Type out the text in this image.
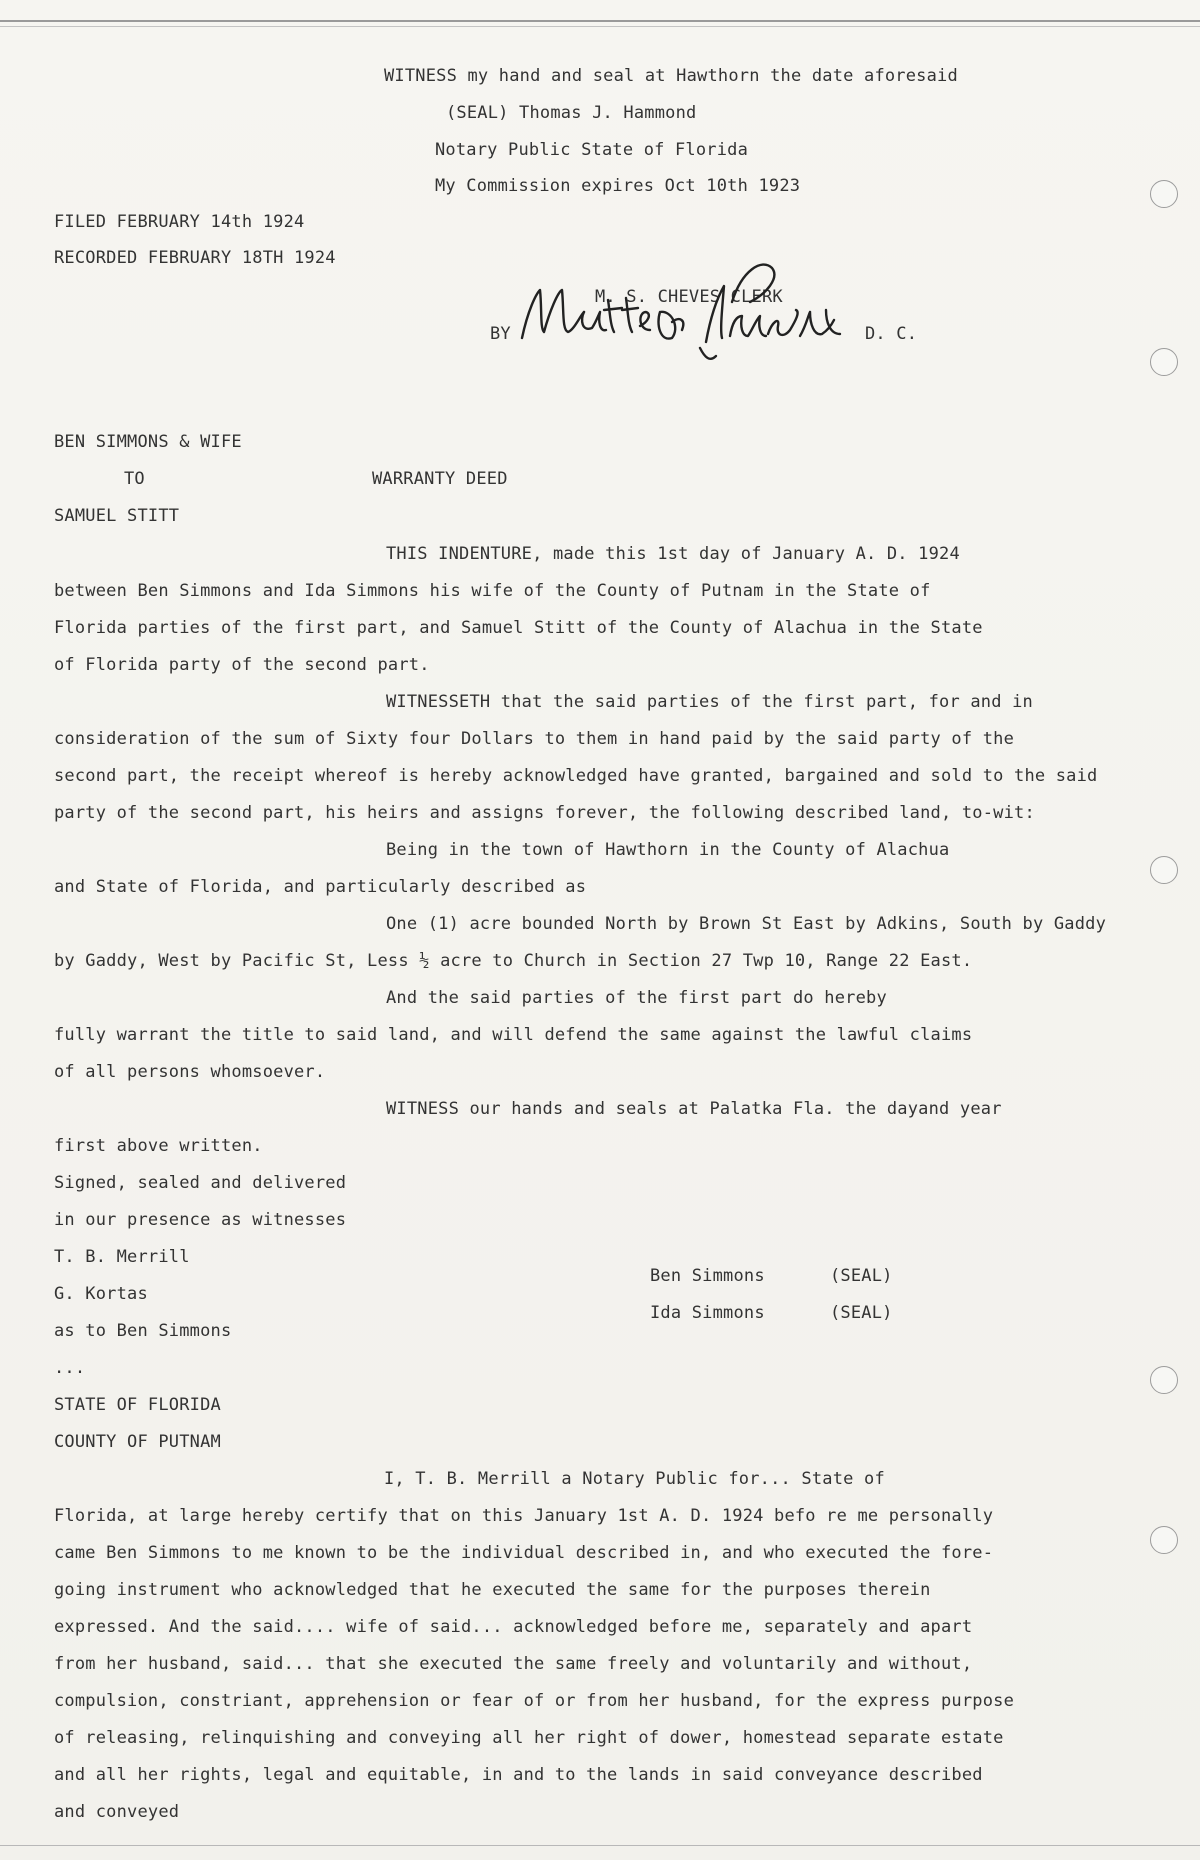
WITNESS my hand and seal at Hawthorn the date aforesaid
(SEAL) Thomas J. Hammond
Notary Public State of Florida
My Commission expires Oct 10th 1923
FILED FEBRUARY 14th 1924
RECORDED FEBRUARY 18TH 1924
M. S. CHEVES CLERK
BY	D. C.
BEN SIMMONS & WIFE
TO	WARRANTY DEED
SAMUEL STITT
THIS INDENTURE, made this 1st day of January A. D. 1924
between Ben Simmons and Ida Simmons his wife of the County of Putnam in the State of
Florida parties of the first part, and Samuel Stitt of the County of Alachua in the State
of Florida party of the second part.
WITNESSETH that the said parties of the first part, for and in
consideration of the sum of Sixty four Dollars to them in hand paid by the said party of the
second part, the receipt whereof is hereby acknowledged have granted, bargained and sold to the said
party of the second part, his heirs and assigns forever, the following described land, to-wit:
Being in the town of Hawthorn in the County of Alachua
and State of Florida, and particularly described as
One (1) acre bounded North by Brown St East by Adkins, South by Gaddy
by Gaddy, West by Pacific St, Less ½ acre to Church in Section 27 Twp 10, Range 22 East.
And the said parties of the first part do hereby
fully warrant the title to said land, and will defend the same against the lawful claims
of all persons whomsoever.
WITNESS our hands and seals at Palatka Fla. the dayand year
first above written.
Signed, sealed and delivered
in our presence as witnesses
T. B. Merrill
G. Kortas
as to Ben Simmons
...
Ben Simmons	(SEAL)
Ida Simmons	(SEAL)
STATE OF FLORIDA
COUNTY OF PUTNAM
I, T. B. Merrill a Notary Public for... State of
Florida, at large hereby certify that on this January 1st A. D. 1924 befo re me personally
came Ben Simmons to me known to be the individual described in, and who executed the fore-
going instrument who acknowledged that he executed the same for the purposes therein
expressed. And the said.... wife of said... acknowledged before me, separately and apart
from her husband, said... that she executed the same freely and voluntarily and without,
compulsion, constriant, apprehension or fear of or from her husband, for the express purpose
of releasing, relinquishing and conveying all her right of dower, homestead separate estate
and all her rights, legal and equitable, in and to the lands in said conveyance described
and conveyed
